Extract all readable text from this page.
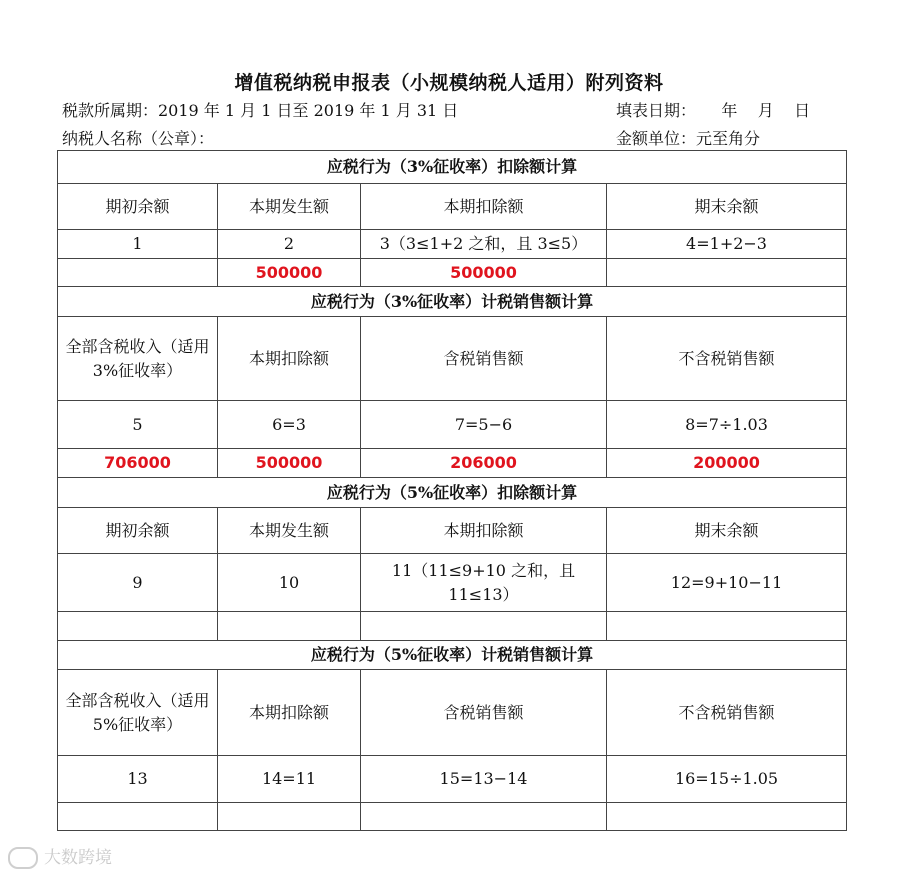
增值税纳税申报表（小规模纳税人适用）附列资料
税款所属期：2019 年 1 月 1 日至 2019 年 1 月 31 日	填表日期：     年    月    日
纳税人名称（公章）：	金额单位：元至角分
应税行为（3%征收率）扣除额计算			
期初余额	本期发生额	本期扣除额	期末余额
1	2	3（3≤1+2 之和，且 3≤5）	4=1+2−3
	500000	500000	
应税行为（3%征收率）计税销售额计算			
全部含税收入（适用 3%征收率）	本期扣除额	含税销售额	不含税销售额
5	6=3	7=5−6	8=7÷1.03
706000	500000	206000	200000
应税行为（5%征收率）扣除额计算			
期初余额	本期发生额	本期扣除额	期末余额
9	10	11（11≤9+10 之和，且 11≤13）	12=9+10−11

应税行为（5%征收率）计税销售额计算			
全部含税收入（适用 5%征收率）	本期扣除额	含税销售额	不含税销售额
13	14=11	15=13−14	16=15÷1.05

大数跨境
